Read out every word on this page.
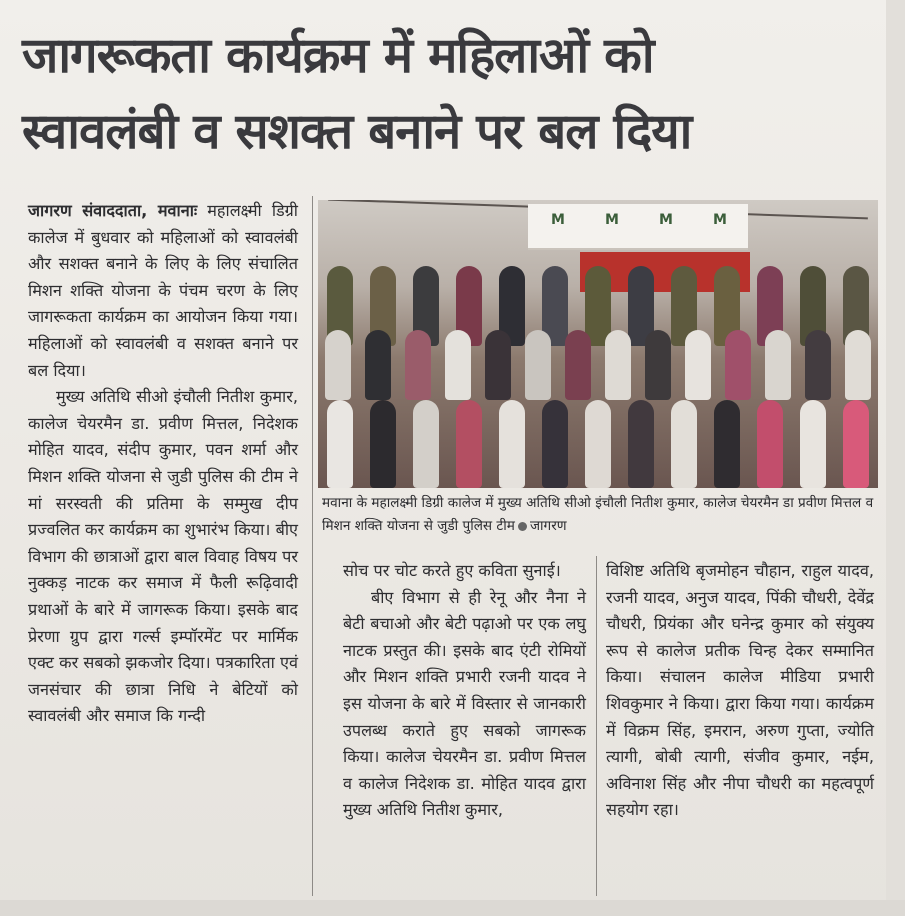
जागरूकता कार्यक्रम में महिलाओं को
स्वावलंबी व सशक्त बनाने पर बल दिया

जागरण संवाददाता, मवानाः महालक्ष्मी डिग्री कालेज में बुधवार को महिलाओं को स्वावलंबी और सशक्त बनाने के लिए के लिए संचालित मिशन शक्ति योजना के पंचम चरण के लिए जागरूकता कार्यक्रम का आयोजन किया गया। महिलाओं को स्वावलंबी व सशक्त बनाने पर बल दिया।

मुख्य अतिथि सीओ इंचौली नितीश कुमार, कालेज चेयरमैन डा. प्रवीण मित्तल, निदेशक मोहित यादव, संदीप कुमार, पवन शर्मा और मिशन शक्ति योजना से जुडी पुलिस की टीम ने मां सरस्वती की प्रतिमा के सम्मुख दीप प्रज्वलित कर कार्यक्रम का शुभारंभ किया। बीए विभाग की छात्राओं द्वारा बाल विवाह विषय पर नुक्कड़ नाटक कर समाज में फैली रूढ़िवादी प्रथाओं के बारे में जागरूक किया। इसके बाद प्रेरणा ग्रुप द्वारा गर्ल्स इम्पॉरमेंट पर मार्मिक एक्ट कर सबको झकजोर दिया। पत्रकारिता एवं जनसंचार की छात्रा निधि ने बेटियों को स्वावलंबी और समाज कि गन्दी

M	M	M	M
मवाना के महालक्ष्मी डिग्री कालेज में मुख्य अतिथि सीओ इंचौली नितीश कुमार, कालेज चेयरमैन डा प्रवीण मित्तल व मिशन शक्ति योजना से जुडी पुलिस टीम जागरण

सोच पर चोट करते हुए कविता सुनाई।

बीए विभाग से ही रेनू और नैना ने बेटी बचाओ और बेटी पढ़ाओ पर एक लघु नाटक प्रस्तुत की। इसके बाद एंटी रोमियों और मिशन शक्ति प्रभारी रजनी यादव ने इस योजना के बारे में विस्तार से जानकारी उपलब्ध कराते हुए सबको जागरूक किया। कालेज चेयरमैन डा. प्रवीण मित्तल व कालेज निदेशक डा. मोहित यादव द्वारा मुख्य अतिथि नितीश कुमार,

विशिष्ट अतिथि बृजमोहन चौहान, राहुल यादव, रजनी यादव, अनुज यादव, पिंकी चौधरी, देवेंद्र चौधरी, प्रियंका और घनेन्द्र कुमार को संयुक्य रूप से कालेज प्रतीक चिन्ह देकर सम्मानित किया। संचालन कालेज मीडिया प्रभारी शिवकुमार ने किया। द्वारा किया गया। कार्यक्रम में विक्रम सिंह, इमरान, अरुण गुप्ता, ज्योति त्यागी, बोबी त्यागी, संजीव कुमार, नईम, अविनाश सिंह और नीपा चौधरी का महत्वपूर्ण सहयोग रहा।
